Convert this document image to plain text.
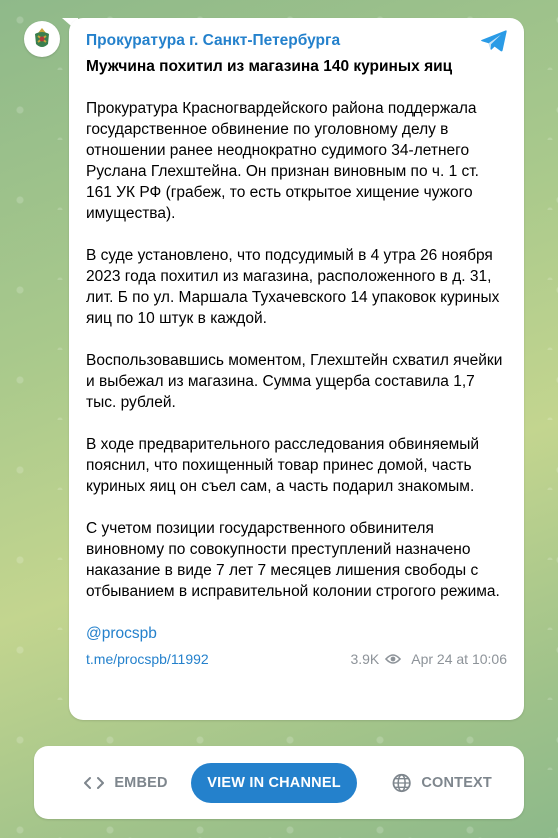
Прокуратура г. Санкт-Петербурга
Мужчина похитил из магазина 140 куриных яиц

Прокуратура Красногвардейского района поддержала государственное обвинение по уголовному делу в отношении ранее неоднократно судимого 34-летнего Руслана Глехштейна. Он признан виновным по ч. 1 ст. 161 УК РФ (грабеж, то есть открытое хищение чужого имущества).

В суде установлено, что подсудимый в 4 утра 26 ноября 2023 года похитил из магазина, расположенного в д. 31, лит. Б по ул. Маршала Тухачевского 14 упаковок куриных яиц по 10 штук в каждой.

Воспользовавшись моментом, Глехштейн схватил ячейки и выбежал из магазина. Сумма ущерба составила 1,7 тыс. рублей.

В ходе предварительного расследования обвиняемый пояснил, что похищенный товар принес домой, часть куриных яиц он съел сам, а часть подарил знакомым.

С учетом позиции государственного обвинителя виновному по совокупности преступлений назначено наказание в виде 7 лет 7 месяцев лишения свободы с отбыванием в исправительной колонии строгого режима.

@procspb
t.me/procspb/11992	3.9K Apr 24 at 10:06
EMBED	VIEW IN CHANNEL	CONTEXT
